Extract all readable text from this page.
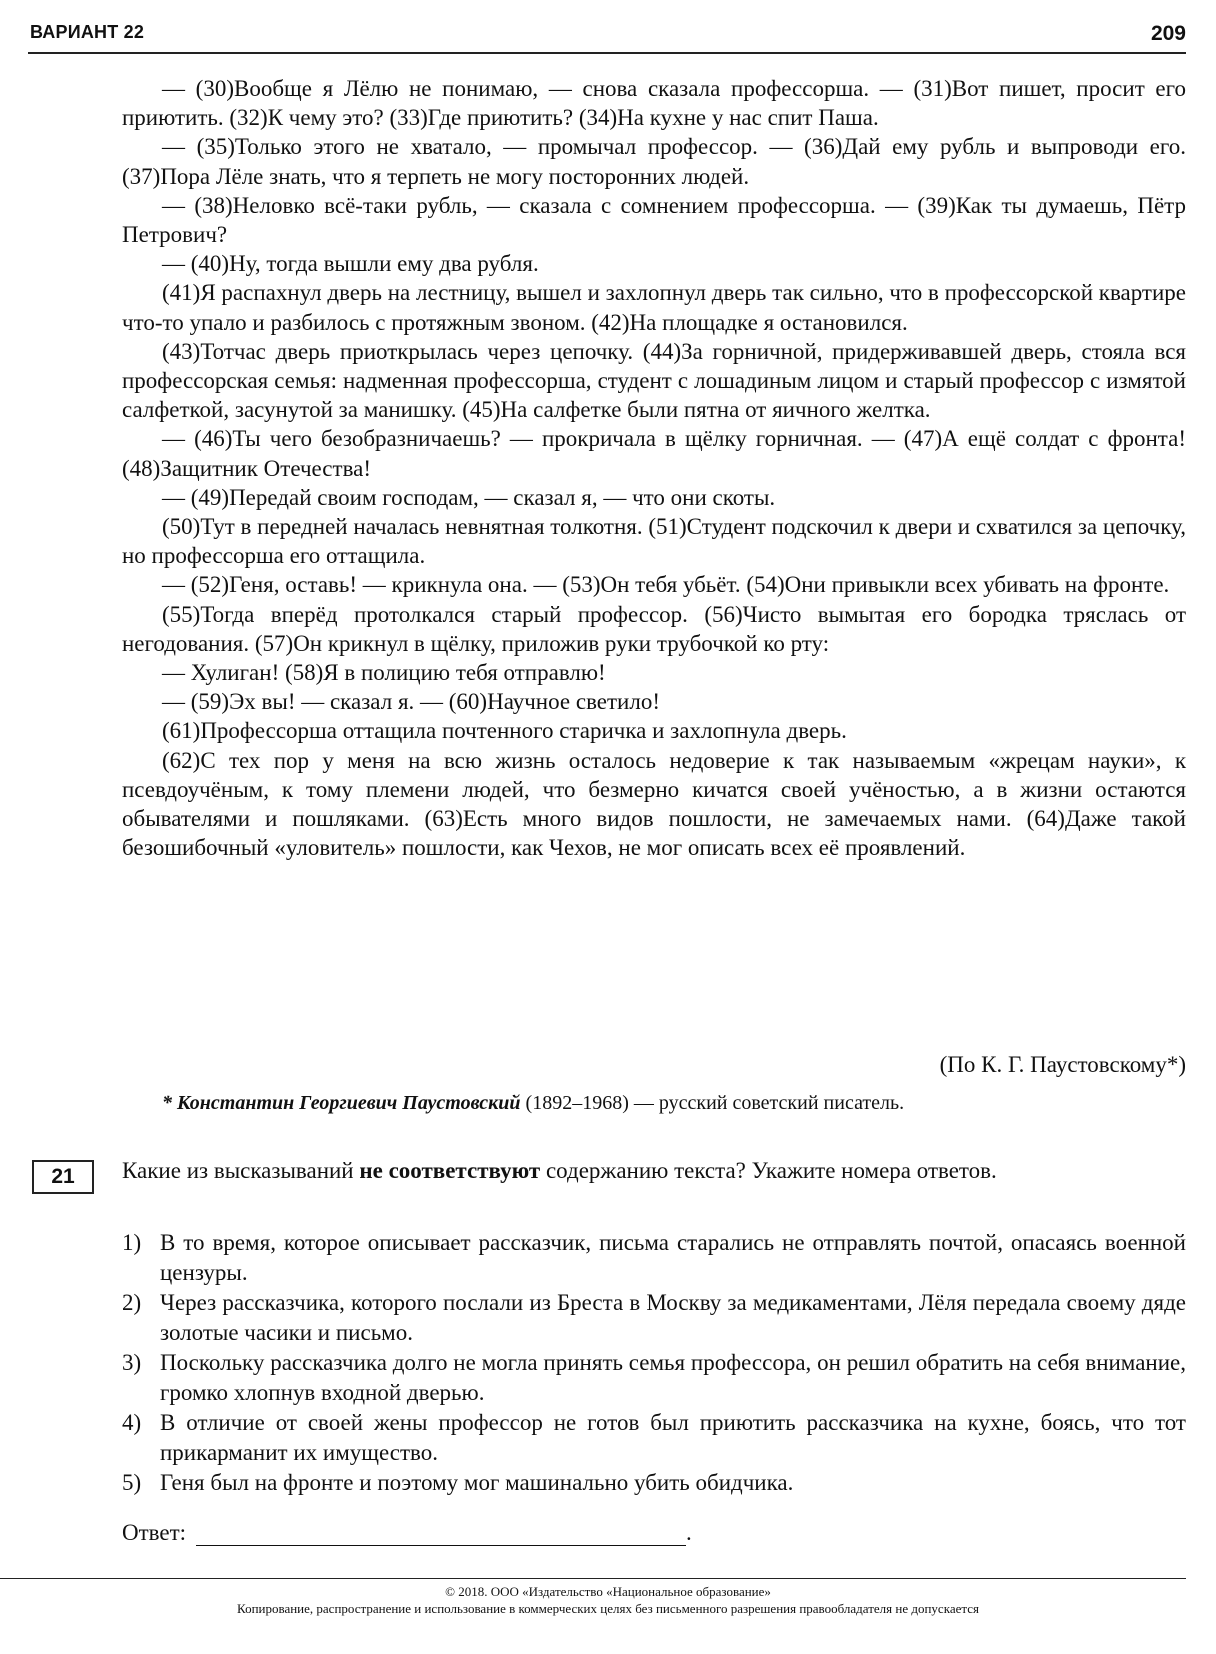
ВАРИАНТ 22	209

— (30)Вообще я Лёлю не понимаю, — снова сказала профессорша. — (31)Вот пишет, просит его приютить. (32)К чему это? (33)Где приютить? (34)На кухне у нас спит Паша.

— (35)Только этого не хватало, — промычал профессор. — (36)Дай ему рубль и выпроводи его. (37)Пора Лёле знать, что я терпеть не могу посторонних людей.

— (38)Неловко всё-таки рубль, — сказала с сомнением профессорша. — (39)Как ты думаешь, Пётр Петрович?

— (40)Ну, тогда вышли ему два рубля.

(41)Я распахнул дверь на лестницу, вышел и захлопнул дверь так сильно, что в профессорской квартире что-то упало и разбилось с протяжным звоном. (42)На площадке я остановился.

(43)Тотчас дверь приоткрылась через цепочку. (44)За горничной, придерживавшей дверь, стояла вся профессорская семья: надменная профессорша, студент с лошадиным лицом и старый профессор с измятой салфеткой, засунутой за манишку. (45)На салфетке были пятна от яичного желтка.

— (46)Ты чего безобразничаешь? — прокричала в щёлку горничная. — (47)А ещё солдат с фронта! (48)Защитник Отечества!

— (49)Передай своим господам, — сказал я, — что они скоты.

(50)Тут в передней началась невнятная толкотня. (51)Студент подскочил к двери и схватился за цепочку, но профессорша его оттащила.

— (52)Геня, оставь! — крикнула она. — (53)Он тебя убьёт. (54)Они привыкли всех убивать на фронте.

(55)Тогда вперёд протолкался старый профессор. (56)Чисто вымытая его бородка тряслась от негодования. (57)Он крикнул в щёлку, приложив руки трубочкой ко рту:

— Хулиган! (58)Я в полицию тебя отправлю!

— (59)Эх вы! — сказал я. — (60)Научное светило!

(61)Профессорша оттащила почтенного старичка и захлопнула дверь.

(62)С тех пор у меня на всю жизнь осталось недоверие к так называемым «жрецам науки», к псевдоучёным, к тому племени людей, что безмерно кичатся своей учёностью, а в жизни остаются обывателями и пошляками. (63)Есть много видов пошлости, не замечаемых нами. (64)Даже такой безошибочный «уловитель» пошлости, как Чехов, не мог описать всех её проявлений.

(По К. Г. Паустовскому*)
* Константин Георгиевич Паустовский (1892–1968) — русский советский писатель.
21 Какие из высказываний не соответствуют содержанию текста? Укажите номера ответов.
1) В то время, которое описывает рассказчик, письма старались не отправлять почтой, опасаясь военной цензуры.
2) Через рассказчика, которого послали из Бреста в Москву за медикаментами, Лёля передала своему дяде золотые часики и письмо.
3) Поскольку рассказчика долго не могла принять семья профессора, он решил обратить на себя внимание, громко хлопнув входной дверью.
4) В отличие от своей жены профессор не готов был приютить рассказчика на кухне, боясь, что тот прикарманит их имущество.
5) Геня был на фронте и поэтому мог машинально убить обидчика.
Ответ:	.
© 2018. ООО «Издательство «Национальное образование»
Копирование, распространение и использование в коммерческих целях без письменного разрешения правообладателя не допускается
